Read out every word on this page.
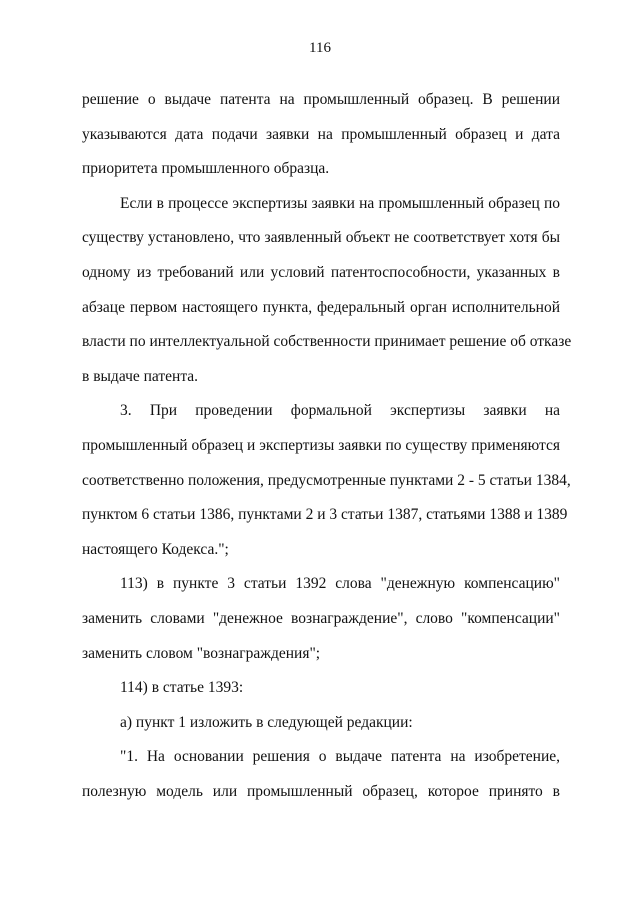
116
решение о выдаче патента на промышленный образец. В решении
указываются дата подачи заявки на промышленный образец и дата
приоритета промышленного образца.
Если в процессе экспертизы заявки на промышленный образец по
существу установлено, что заявленный объект не соответствует хотя бы
одному из требований или условий патентоспособности, указанных в
абзаце первом настоящего пункта, федеральный орган исполнительной
власти по интеллектуальной собственности принимает решение об отказе
в выдаче патента.
3. При проведении формальной экспертизы заявки на
промышленный образец и экспертизы заявки по существу применяются
соответственно положения, предусмотренные пунктами 2 - 5 статьи 1384,
пунктом 6 статьи 1386, пунктами 2 и 3 статьи 1387, статьями 1388 и 1389
настоящего Кодекса.";
113) в пункте 3 статьи 1392 слова "денежную компенсацию"
заменить словами "денежное вознаграждение", слово "компенсации"
заменить словом "вознаграждения";
114) в статье 1393:
а) пункт 1 изложить в следующей редакции:
"1. На основании решения о выдаче патента на изобретение,
полезную модель или промышленный образец, которое принято в
